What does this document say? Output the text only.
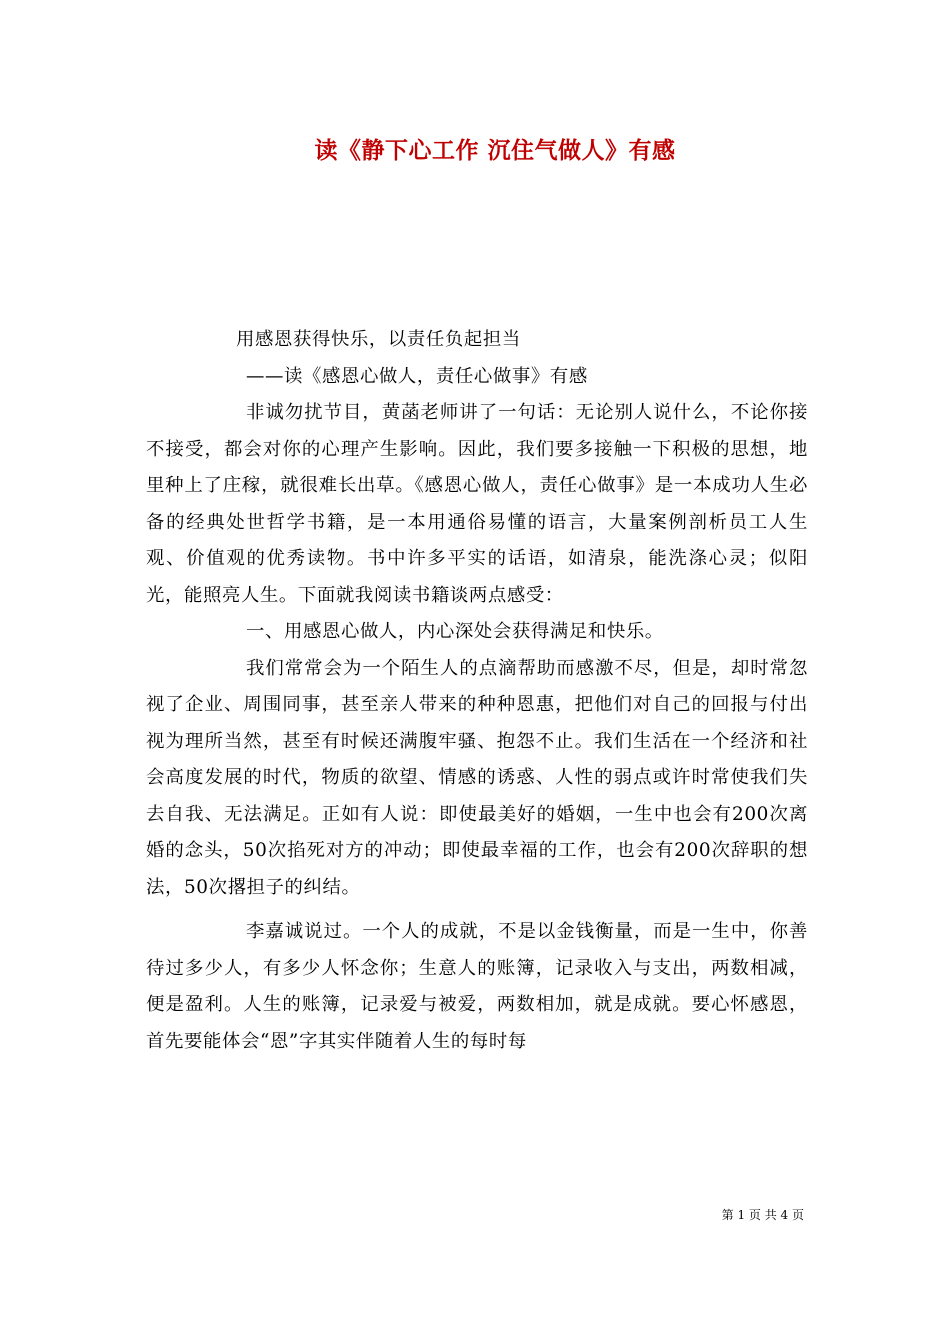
读《静下心工作 沉住气做人》有感

用感恩获得快乐，以责任负起担当

——读《感恩心做人，责任心做事》有感

非诚勿扰节目，黄菡老师讲了一句话：无论别人说什么，不论你接不接受，都会对你的心理产生影响。因此，我们要多接触一下积极的思想，地里种上了庄稼，就很难长出草。《感恩心做人，责任心做事》是一本成功人生必备的经典处世哲学书籍，是一本用通俗易懂的语言，大量案例剖析员工人生观、价值观的优秀读物。书中许多平实的话语，如清泉，能洗涤心灵；似阳光，能照亮人生。下面就我阅读书籍谈两点感受：

一、用感恩心做人，内心深处会获得满足和快乐。

我们常常会为一个陌生人的点滴帮助而感激不尽，但是，却时常忽视了企业、周围同事，甚至亲人带来的种种恩惠，把他们对自己的回报与付出视为理所当然，甚至有时候还满腹牢骚、抱怨不止。我们生活在一个经济和社会高度发展的时代，物质的欲望、情感的诱惑、人性的弱点或许时常使我们失去自我、无法满足。正如有人说：即使最美好的婚姻，一生中也会有200次离婚的念头，50次掐死对方的冲动；即使最幸福的工作，也会有200次辞职的想法，50次撂担子的纠结。

李嘉诚说过。一个人的成就，不是以金钱衡量，而是一生中，你善待过多少人，有多少人怀念你；生意人的账簿，记录收入与支出，两数相减，便是盈利。人生的账簿，记录爱与被爱，两数相加，就是成就。要心怀感恩，首先要能体会“恩”字其实伴随着人生的每时每

第 1 页 共 4 页
